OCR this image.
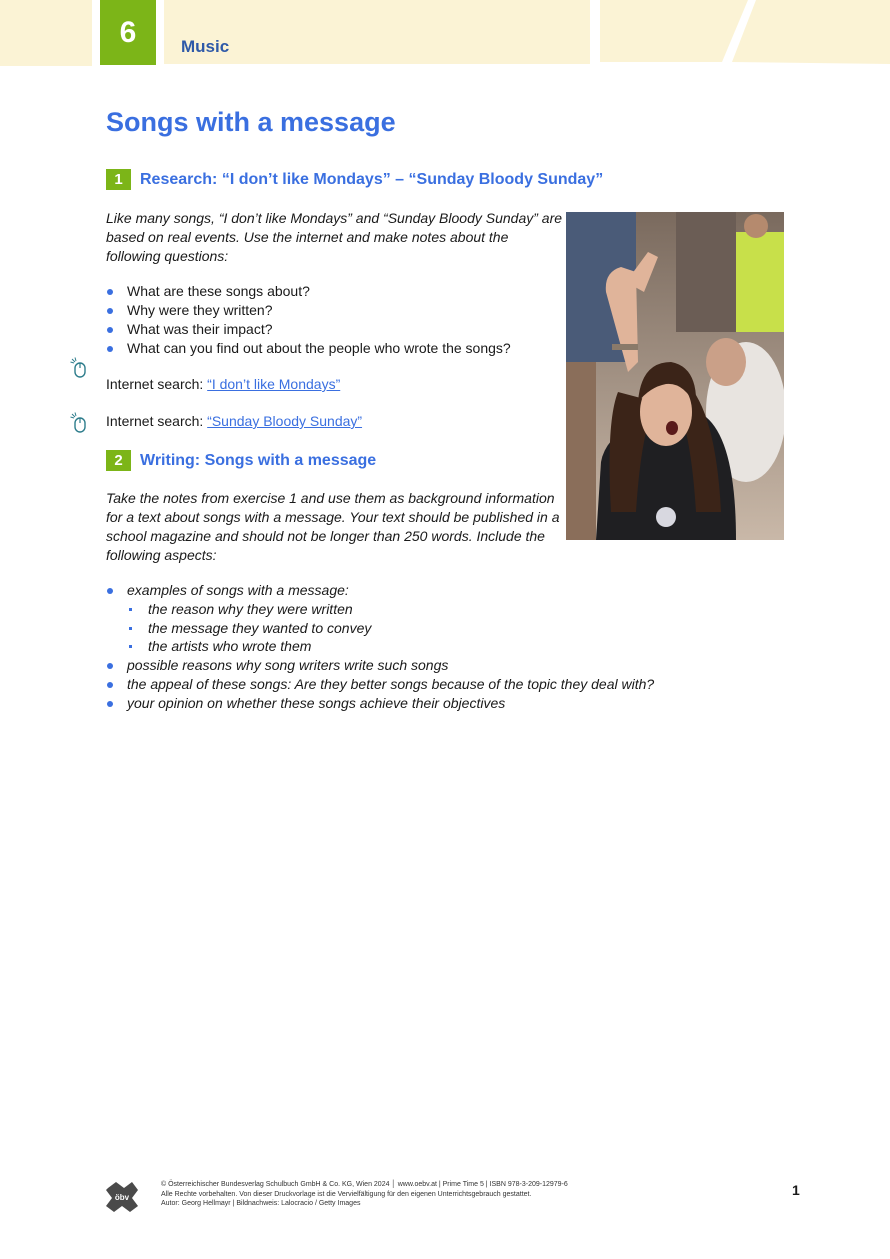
6	Music
Songs with a message
1	Research: “I don’t like Mondays” – “Sunday Bloody Sunday”
Like many songs, “I don’t like Mondays” and “Sunday Bloody Sunday” are
based on real events. Use the internet and make notes about the
following questions:
What are these songs about?
Why were they written?
What was their impact?
What can you find out about the people who wrote the songs?
Internet search: “I don’t like Mondays”
Internet search: “Sunday Bloody Sunday”
2	Writing: Songs with a message
Take the notes from exercise 1 and use them as background information
for a text about songs with a message. Your text should be published in a
school magazine and should not be longer than 250 words. Include the
following aspects:
examples of songs with a message:
the reason why they were written
the message they wanted to convey
the artists who wrote them
possible reasons why song writers write such songs
the appeal of these songs: Are they better songs because of the topic they deal with?
your opinion on whether these songs achieve their objectives
öbv
© Österreichischer Bundesverlag Schulbuch GmbH & Co. KG, Wien 2024 │ www.oebv.at | Prime Time 5 | ISBN 978-3-209-12979-6
Alle Rechte vorbehalten. Von dieser Druckvorlage ist die Vervielfältigung für den eigenen Unterrichtsgebrauch gestattet.
Autor: Georg Hellmayr | Bildnachweis: Lalocracio / Getty Images
1
